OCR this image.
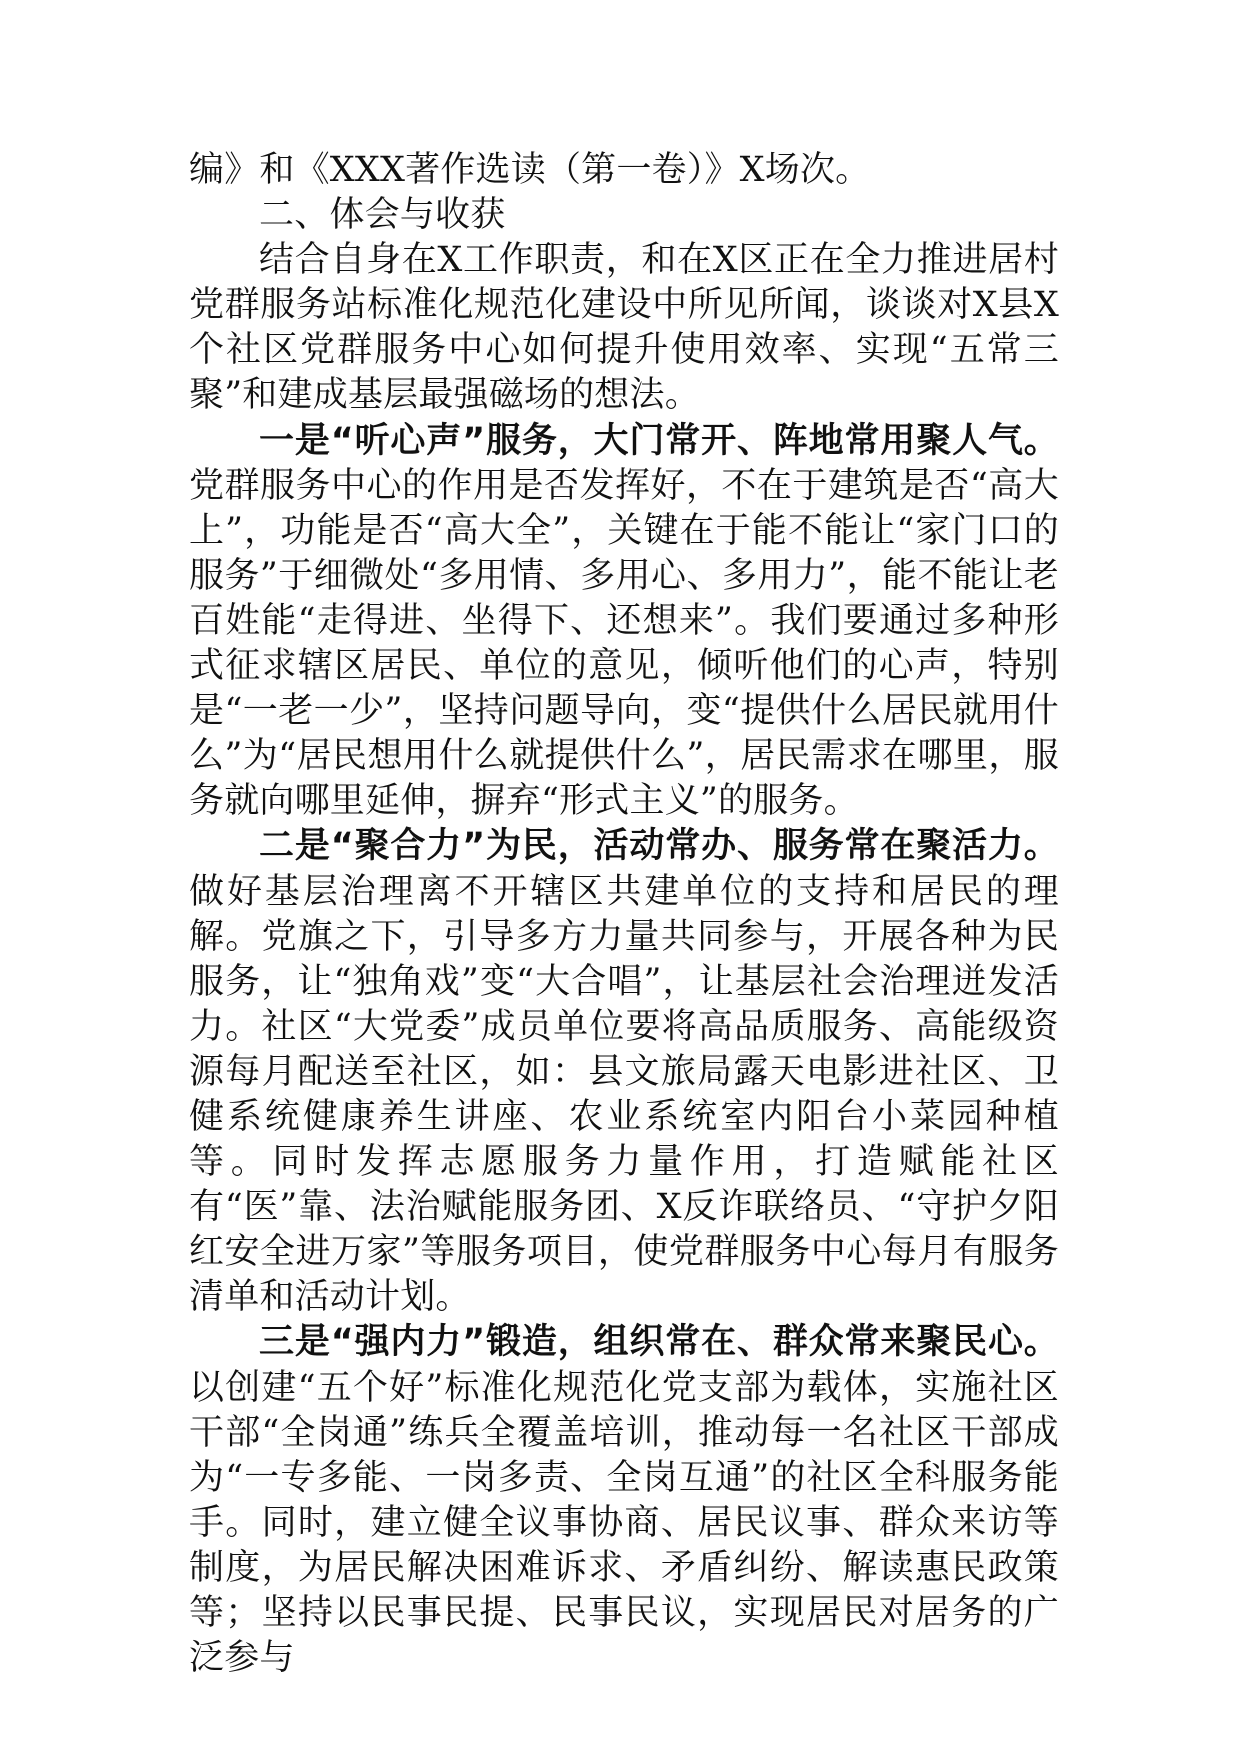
编》和《XXX著作选读（第一卷）》X场次。

二、体会与收获

结合自身在X工作职责，和在X区正在全力推进居村党群服务站标准化规范化建设中所见所闻，谈谈对X县X个社区党群服务中心如何提升使用效率、实现“五常三聚”和建成基层最强磁场的想法。

一是“听心声”服务，大门常开、阵地常用聚人气。党群服务中心的作用是否发挥好，不在于建筑是否“高大上”，功能是否“高大全”，关键在于能不能让“家门口的服务”于细微处“多用情、多用心、多用力”，能不能让老百姓能“走得进、坐得下、还想来”。我们要通过多种形式征求辖区居民、单位的意见，倾听他们的心声，特别是“一老一少”，坚持问题导向，变“提供什么居民就用什么”为“居民想用什么就提供什么”，居民需求在哪里，服务就向哪里延伸，摒弃“形式主义”的服务。

二是“聚合力”为民，活动常办、服务常在聚活力。做好基层治理离不开辖区共建单位的支持和居民的理解。党旗之下，引导多方力量共同参与，开展各种为民服务，让“独角戏”变“大合唱”，让基层社会治理迸发活力。社区“大党委”成员单位要将高品质服务、高能级资源每月配送至社区，如：县文旅局露天电影进社区、卫健系统健康养生讲座、农业系统室内阳台小菜园种植等。同时发挥志愿服务力量作用，打造赋能社区有“医”靠、法治赋能服务团、X反诈联络员、“守护夕阳红安全进万家”等服务项目，使党群服务中心每月有服务清单和活动计划。

三是“强内力”锻造，组织常在、群众常来聚民心。以创建“五个好”标准化规范化党支部为载体，实施社区干部“全岗通”练兵全覆盖培训，推动每一名社区干部成为“一专多能、一岗多责、全岗互通”的社区全科服务能手。同时，建立健全议事协商、居民议事、群众来访等制度，为居民解决困难诉求、矛盾纠纷、解读惠民政策等；坚持以民事民提、民事民议，实现居民对居务的广泛参与
